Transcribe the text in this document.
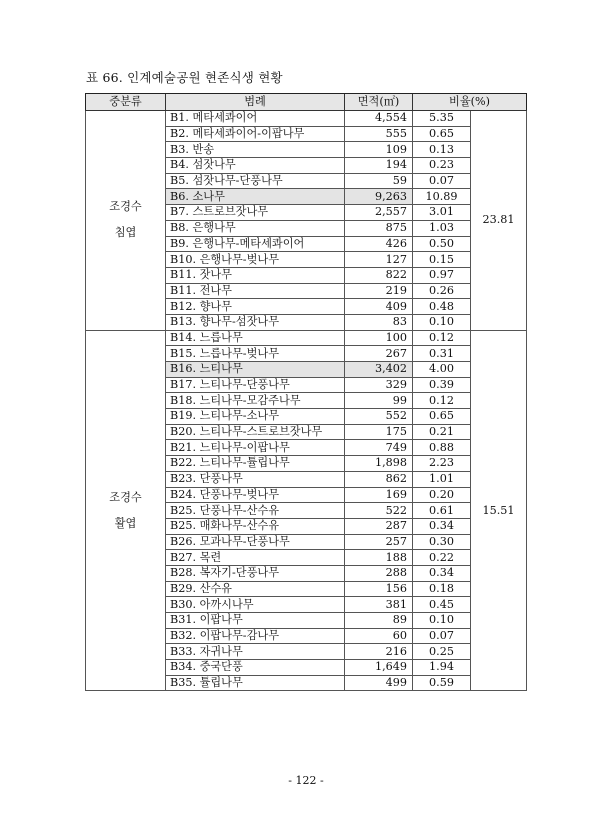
표 66. 인계예술공원 현존식생 현황
중분류	범례	면적(㎡)	비율(%)	

조경수
침엽	B1. 메타세콰이어	4,554	5.35	23.81
	B2. 메타세콰이어-이팝나무	555	0.65	
	B3. 반송	109	0.13	
	B4. 섬잣나무	194	0.23	
	B5. 섬잣나무-단풍나무	59	0.07	
	B6. 소나무	9,263	10.89	
	B7. 스트로브잣나무	2,557	3.01	
	B8. 은행나무	875	1.03	
	B9. 은행나무-메타세콰이어	426	0.50	
	B10. 은행나무-벚나무	127	0.15	
	B11. 잣나무	822	0.97	
	B11. 전나무	219	0.26	
	B12. 향나무	409	0.48	
	B13. 향나무-섬잣나무	83	0.10	

조경수
활엽	B14. 느릅나무	100	0.12	15.51
	B15. 느릅나무-벚나무	267	0.31	
	B16. 느티나무	3,402	4.00	
	B17. 느티나무-단풍나무	329	0.39	
	B18. 느티나무-모감주나무	99	0.12	
	B19. 느티나무-소나무	552	0.65	
	B20. 느티나무-스트로브잣나무	175	0.21	
	B21. 느티나무-이팝나무	749	0.88	
	B22. 느티나무-튤립나무	1,898	2.23	
	B23. 단풍나무	862	1.01	
	B24. 단풍나무-벚나무	169	0.20	
	B25. 단풍나무-산수유	522	0.61	
	B25. 매화나무-산수유	287	0.34	
	B26. 모과나무-단풍나무	257	0.30	
	B27. 목련	188	0.22	
	B28. 복자기-단풍나무	288	0.34	
	B29. 산수유	156	0.18	
	B30. 아까시나무	381	0.45	
	B31. 이팝나무	89	0.10	
	B32. 이팝나무-감나무	60	0.07	
	B33. 자귀나무	216	0.25	
	B34. 중국단풍	1,649	1.94	
	B35. 튤립나무	499	0.59	
- 122 -
